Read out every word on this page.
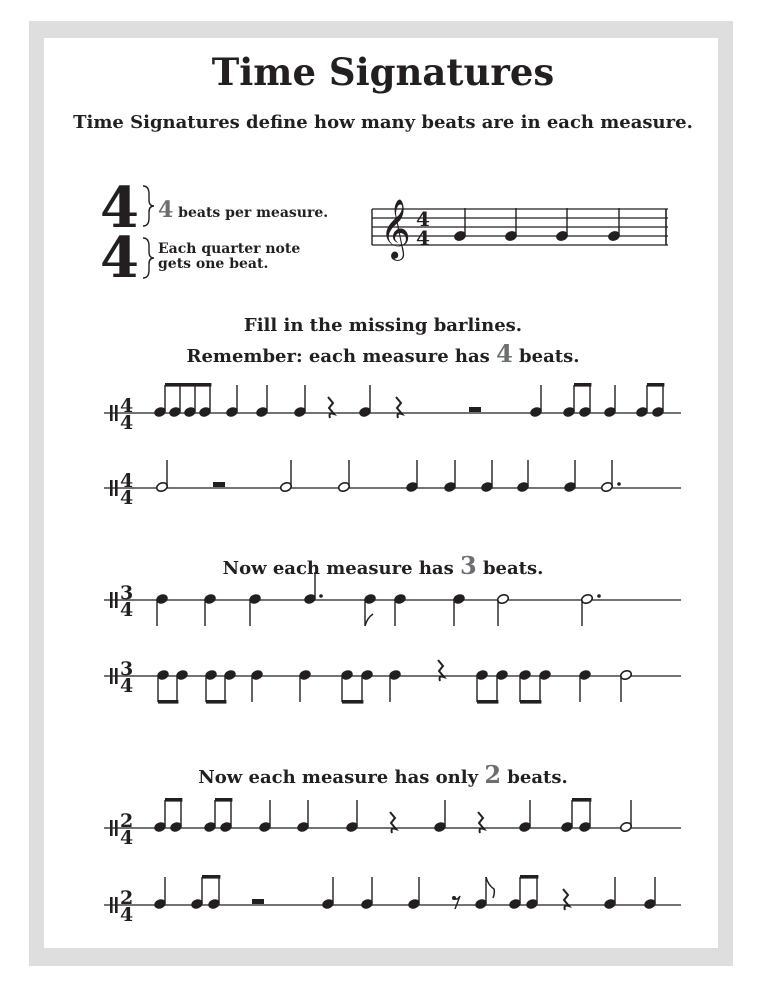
Time Signatures
Time Signatures define how many beats are in each measure.
4
4
4 beats per measure.
Each quarter note
gets one beat.
𝄞 4
4
Fill in the missing barlines.
Remember: each measure has 4 beats.
Now each measure has 3 beats.
Now each measure has only 2 beats.
4
4
4
4
3
4
3
4
2
4
2
4
